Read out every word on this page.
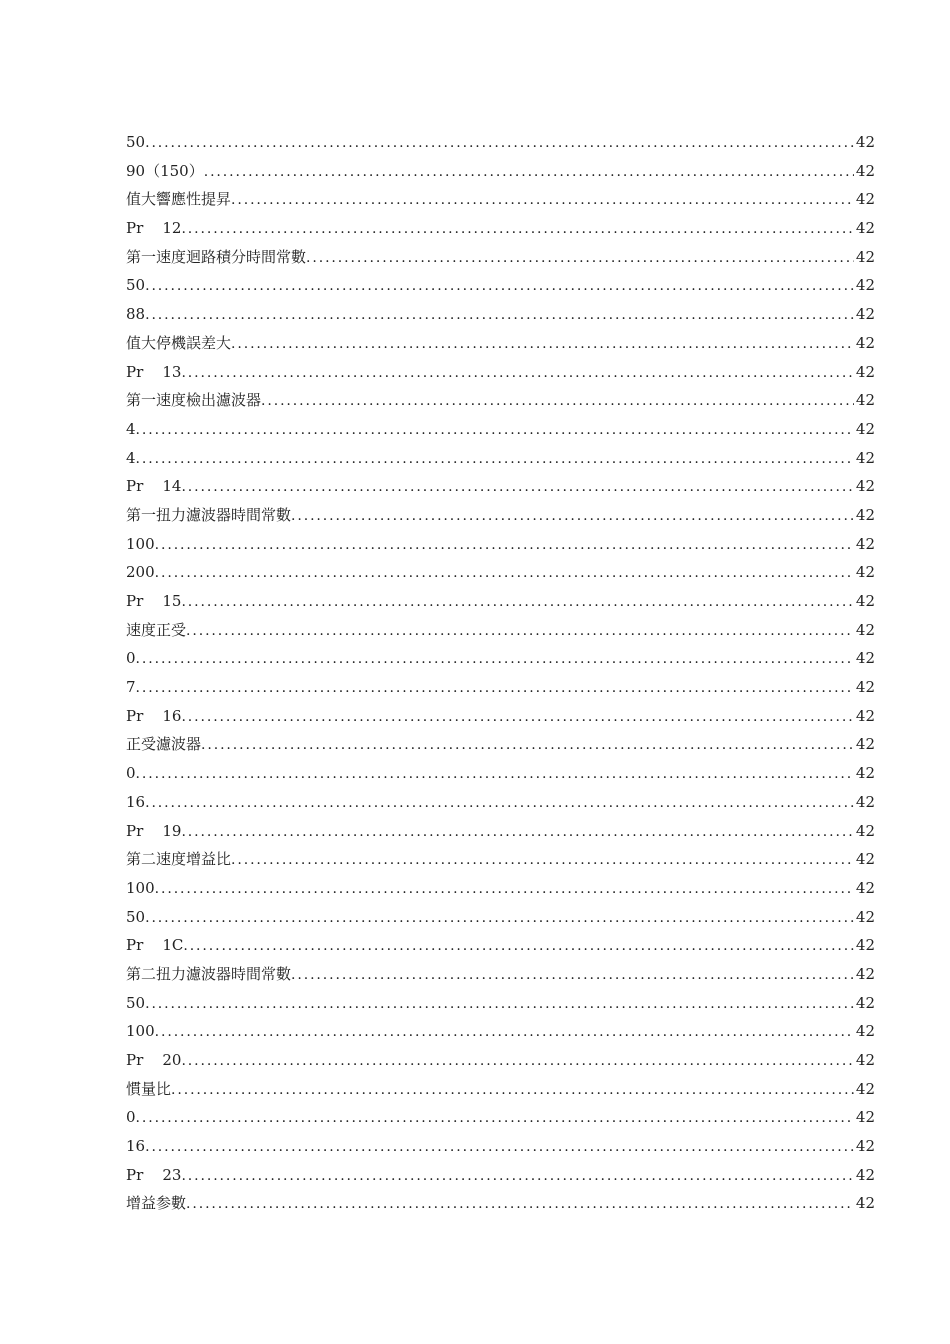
50 .....	42
90（150） .....	42
值大響應性提昇 .....	42
Pr    12 .....	42
第一速度迴路積分時間常數 .....	42
50 .....	42
88 .....	42
值大停機誤差大 .....	42
Pr    13 .....	42
第一速度檢出濾波器 .....	42
4 .....	42
4 .....	42
Pr    14 .....	42
第一扭力濾波器時間常數 .....	42
100 .....	42
200 .....	42
Pr    15 .....	42
速度正受 .....	42
0 .....	42
7 .....	42
Pr    16 .....	42
正受濾波器 .....	42
0 .....	42
16 .....	42
Pr    19 .....	42
第二速度增益比 .....	42
100 .....	42
50 .....	42
Pr    1C .....	42
第二扭力濾波器時間常數 .....	42
50 .....	42
100 .....	42
Pr    20 .....	42
慣量比 .....	42
0 .....	42
16 .....	42
Pr    23 .....	42
增益参數 .....	42
